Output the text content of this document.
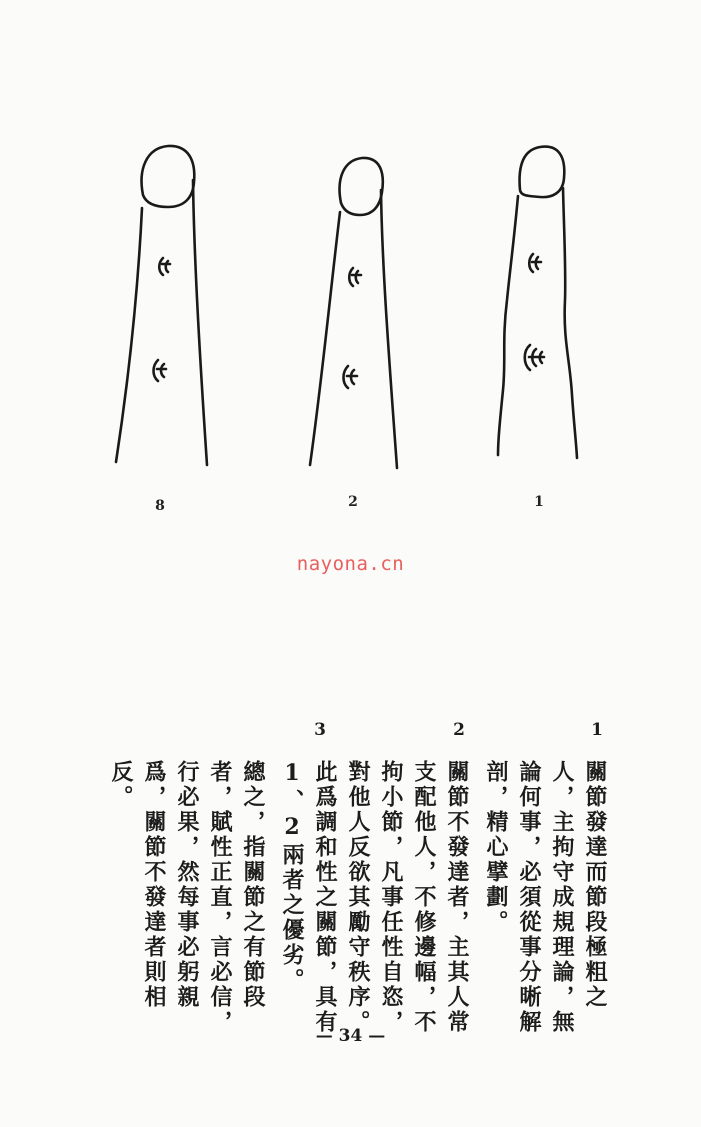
8	2	1
nayona.cn
1
關節發達而節段極粗之
人，主拘守成規理論，無
論何事，必須從事分晰解
剖，精心擘劃。
2
關節不發達者，主其人常
支配他人，不修邊幅，不
拘小節，凡事任性自恣，
對他人反欲其勵守秩序。
此爲調和性之關節，具有
1、2兩者之優劣。
3
總之，指關節之有節段
者，賦性正直，言必信，
行必果，然每事必躬親
爲，關節不發達者則相
反。
— 34 —
